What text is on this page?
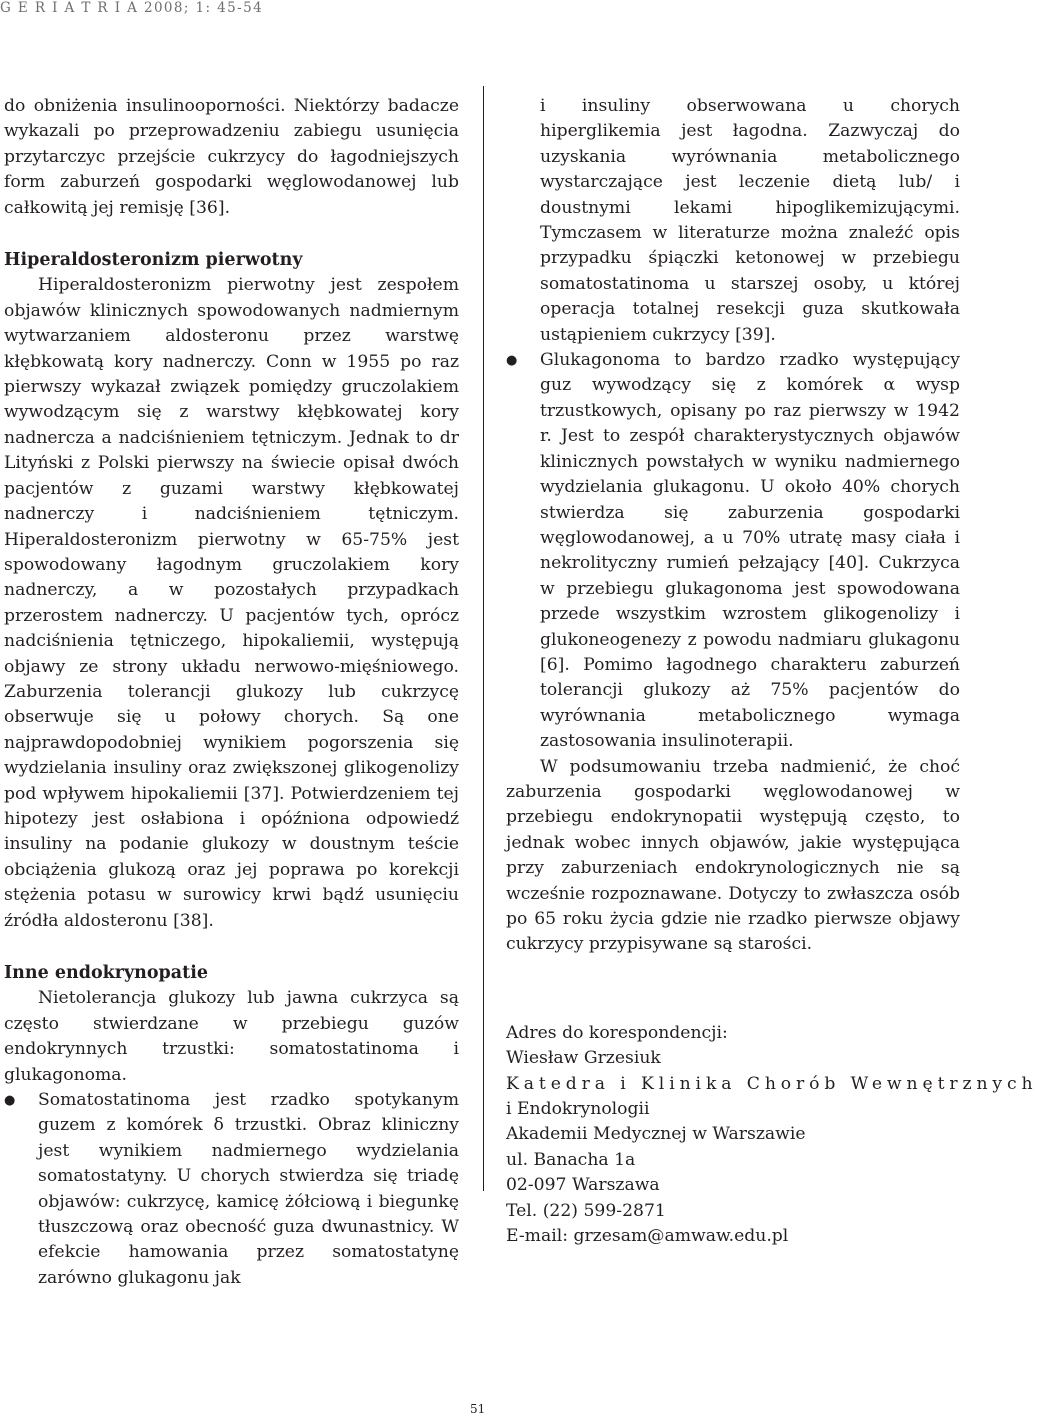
G E R I A T R I A 2008; 1: 45-54

do obniżenia insulinooporności. Niektórzy badacze wykazali po przeprowadzeniu zabiegu usunięcia przytarczyc przejście cukrzycy do łagodniejszych form zaburzeń gospodarki węglowodanowej lub całkowitą jej remisję [36].

Hiperaldosteronizm pierwotny

Hiperaldosteronizm pierwotny jest zespołem objawów klinicznych spowodowanych nadmiernym wytwarzaniem aldosteronu przez warstwę kłębkowatą kory nadnerczy. Conn w 1955 po raz pierwszy wykazał związek pomiędzy gruczolakiem wywodzącym się z warstwy kłębkowatej kory nadnercza a nadciśnieniem tętniczym. Jednak to dr Lityński z Polski pierwszy na świecie opisał dwóch pacjentów z guzami warstwy kłębkowatej nadnerczy i nadciśnieniem tętniczym. Hiperaldosteronizm pierwotny w 65-75% jest spowodowany łagodnym gruczolakiem kory nadnerczy, a w pozostałych przypadkach przerostem nadnerczy. U pacjentów tych, oprócz nadciśnienia tętniczego, hipokaliemii, występują objawy ze strony układu nerwowo-mięśniowego. Zaburzenia tolerancji glukozy lub cukrzycę obserwuje się u połowy chorych. Są one najprawdopodobniej wynikiem pogorszenia się wydzielania insuliny oraz zwiększonej glikogenolizy pod wpływem hipokaliemii [37]. Potwierdzeniem tej hipotezy jest osłabiona i opóźniona odpowiedź insuliny na podanie glukozy w doustnym teście obciążenia glukozą oraz jej poprawa po korekcji stężenia potasu w surowicy krwi bądź usunięciu źródła aldosteronu [38].

Inne endokrynopatie

Nietolerancja glukozy lub jawna cukrzyca są często stwierdzane w przebiegu guzów endokrynnych trzustki: somatostatinoma i glukagonoma.

● Somatostatinoma jest rzadko spotykanym guzem z komórek δ trzustki. Obraz kliniczny jest wynikiem nadmiernego wydzielania somatostatyny. U chorych stwierdza się triadę objawów: cukrzycę, kamicę żółciową i biegunkę tłuszczową oraz obecność guza dwunastnicy. W efekcie hamowania przez somatostatynę zarówno glukagonu jak
i insuliny obserwowana u chorych hiperglikemia jest łagodna. Zazwyczaj do uzyskania wyrównania metabolicznego wystarczające jest leczenie dietą lub/ i doustnymi lekami hipoglikemizującymi. Tymczasem w literaturze można znaleźć opis przypadku śpiączki ketonowej w przebiegu somatostatinoma u starszej osoby, u której operacja totalnej resekcji guza skutkowała ustąpieniem cukrzycy [39].
● Glukagonoma to bardzo rzadko występujący guz wywodzący się z komórek α wysp trzustkowych, opisany po raz pierwszy w 1942 r. Jest to zespół charakterystycznych objawów klinicznych powstałych w wyniku nadmiernego wydzielania glukagonu. U około 40% chorych stwierdza się zaburzenia gospodarki węglowodanowej, a u 70% utratę masy ciała i nekrolityczny rumień pełzający [40]. Cukrzyca w przebiegu glukagonoma jest spowodowana przede wszystkim wzrostem glikogenolizy i glukoneogenezy z powodu nadmiaru glukagonu [6]. Pomimo łagodnego charakteru zaburzeń tolerancji glukozy aż 75% pacjentów do wyrównania metabolicznego wymaga zastosowania insulinoterapii.

W podsumowaniu trzeba nadmienić, że choć zaburzenia gospodarki węglowodanowej w przebiegu endokrynopatii występują często, to jednak wobec innych objawów, jakie występująca przy zaburzeniach endokrynologicznych nie są wcześnie rozpoznawane. Dotyczy to zwłaszcza osób po 65 roku życia gdzie nie rzadko pierwsze objawy cukrzycy przypisywane są starości.

Adres do korespondencji:
Wiesław Grzesiuk
Katedra i Klinika Chorób Wewnętrznych
i Endokrynologii
Akademii Medycznej w Warszawie
ul. Banacha 1a
02-097 Warszawa
Tel. (22) 599-2871
E-mail: grzesam@amwaw.edu.pl
51
